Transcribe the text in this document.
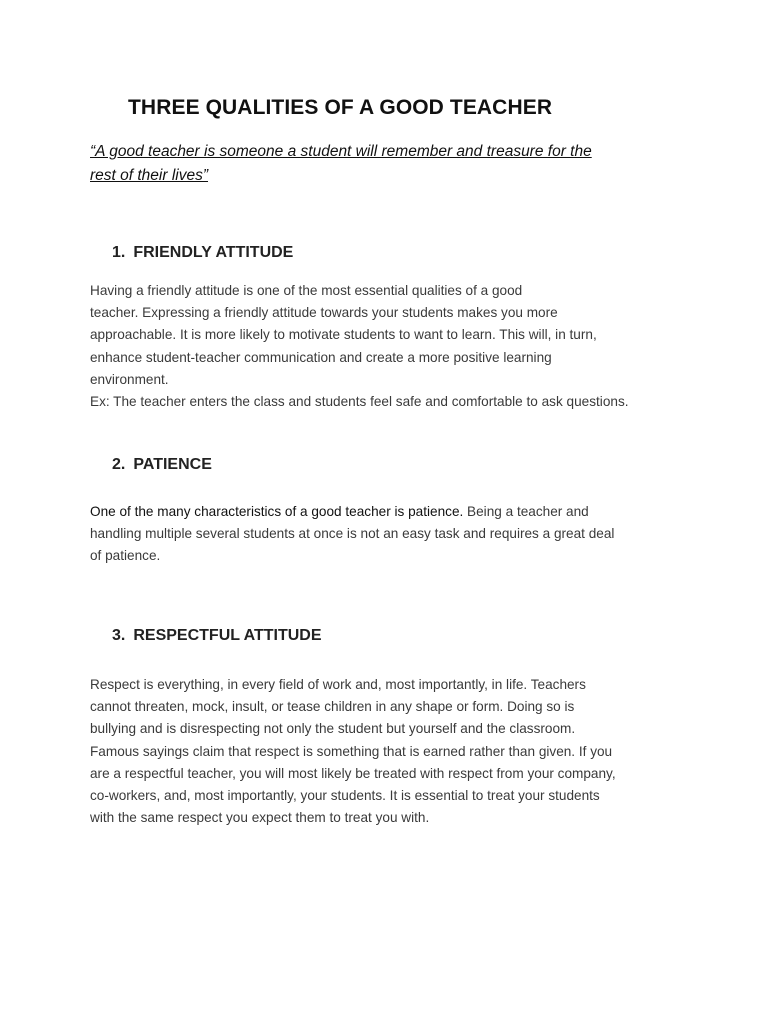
THREE QUALITIES OF A GOOD TEACHER
“A good teacher is someone a student will remember and treasure for the
rest of their lives”
1. FRIENDLY ATTITUDE
Having a friendly attitude is one of the most essential qualities of a good
teacher. Expressing a friendly attitude towards your students makes you more
approachable. It is more likely to motivate students to want to learn. This will, in turn,
enhance student-teacher communication and create a more positive learning
environment.
Ex: The teacher enters the class and students feel safe and comfortable to ask questions.
2. PATIENCE
One of the many characteristics of a good teacher is patience. Being a teacher and
handling multiple several students at once is not an easy task and requires a great deal
of patience.
3. RESPECTFUL ATTITUDE
Respect is everything, in every field of work and, most importantly, in life. Teachers
cannot threaten, mock, insult, or tease children in any shape or form. Doing so is
bullying and is disrespecting not only the student but yourself and the classroom.
Famous sayings claim that respect is something that is earned rather than given. If you
are a respectful teacher, you will most likely be treated with respect from your company,
co-workers, and, most importantly, your students. It is essential to treat your students
with the same respect you expect them to treat you with.
